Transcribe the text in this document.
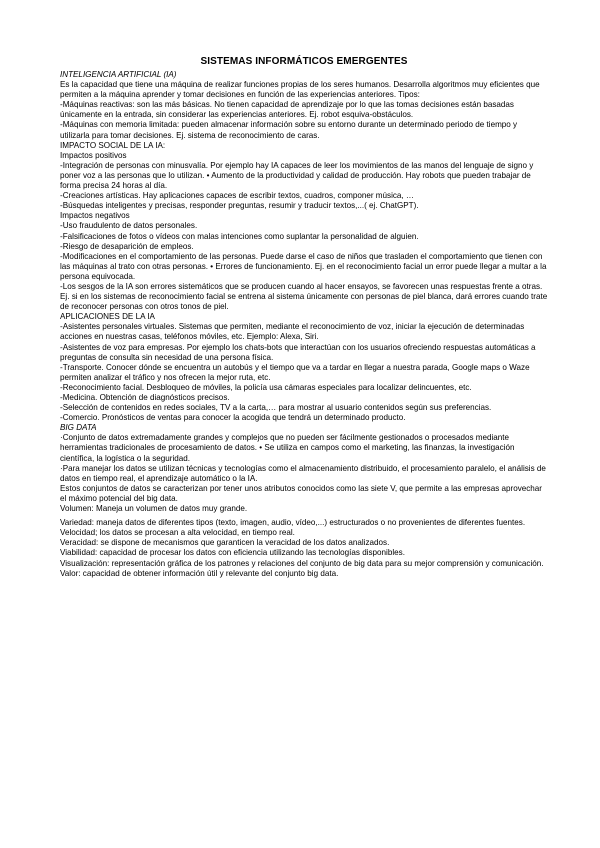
SISTEMAS INFORMÁTICOS EMERGENTES

INTELIGENCIA ARTIFICIAL (IA)

Es la capacidad que tiene una máquina de realizar funciones propias de los seres humanos. Desarrolla algoritmos muy eficientes que permiten a la máquina aprender y tomar decisiones en función de las experiencias anteriores. Tipos:

-Máquinas reactivas: son las más básicas. No tienen capacidad de aprendizaje por lo que las tomas decisiones están basadas únicamente en la entrada, sin considerar las experiencias anteriores. Ej. robot esquiva-obstáculos.

-Máquinas con memoria limitada: pueden almacenar información sobre su entorno durante un determinado periodo de tiempo y utilizarla para tomar decisiones. Ej. sistema de reconocimiento de caras.

IMPACTO SOCIAL DE LA IA:

Impactos positivos

-Integración de personas con minusvalía. Por ejemplo hay IA capaces de leer los movimientos de las manos del lenguaje de signo y poner voz a las personas que lo utilizan. • Aumento de la productividad y calidad de producción. Hay robots que pueden trabajar de forma precisa 24 horas al día.

-Creaciones artísticas. Hay aplicaciones capaces de escribir textos, cuadros, componer música, …

-Búsquedas inteligentes y precisas, responder preguntas, resumir y traducir textos,...( ej. ChatGPT).

Impactos negativos

-Uso fraudulento de datos personales.

-Falsificaciones de fotos o vídeos con malas intenciones como suplantar la personalidad de alguien.

-Riesgo de desaparición de empleos.

-Modificaciones en el comportamiento de las personas. Puede darse el caso de niños que trasladen el comportamiento que tienen con las máquinas al trato con otras personas. • Errores de funcionamiento. Ej. en el reconocimiento facial un error puede llegar a multar a la persona equivocada.

-Los sesgos de la IA son errores sistemáticos que se producen cuando al hacer ensayos, se favorecen unas respuestas frente a otras. Ej. si en los sistemas de reconocimiento facial se entrena al sistema únicamente con personas de piel blanca, dará errores cuando trate de reconocer personas con otros tonos de piel.

APLICACIONES DE LA IA

-Asistentes personales virtuales. Sistemas que permiten, mediante el reconocimiento de voz, iniciar la ejecución de determinadas acciones en nuestras casas, teléfonos móviles, etc. Ejemplo: Alexa, Siri.

-Asistentes de voz para empresas. Por ejemplo los chats-bots que interactúan con los usuarios ofreciendo respuestas automáticas a preguntas de consulta sin necesidad de una persona física.

-Transporte. Conocer dónde se encuentra un autobús y el tiempo que va a tardar en llegar a nuestra parada, Google maps o Waze permiten analizar el tráfico y nos ofrecen la mejor ruta, etc.

-Reconocimiento facial. Desbloqueo de móviles, la policía usa cámaras especiales para localizar delincuentes, etc.

-Medicina. Obtención de diagnósticos precisos.

-Selección de contenidos en redes sociales, TV a la carta,… para mostrar al usuario contenidos según sus preferencias.

-Comercio. Pronósticos de ventas para conocer la acogida que tendrá un determinado producto.

BIG DATA

·Conjunto de datos extremadamente grandes y complejos que no pueden ser fácilmente gestionados o procesados mediante herramientas tradicionales de procesamiento de datos. • Se utiliza en campos como el marketing, las finanzas, la investigación científica, la logística o la seguridad.

·Para manejar los datos se utilizan técnicas y tecnologías como el almacenamiento distribuido, el procesamiento paralelo, el análisis de datos en tiempo real, el aprendizaje automático o la IA.

Estos conjuntos de datos se caracterizan por tener unos atributos conocidos como las siete V, que permite a las empresas aprovechar el máximo potencial del big data.

Volumen: Maneja un volumen de datos muy grande.

Variedad: maneja datos de diferentes tipos (texto, imagen, audio, vídeo,...) estructurados o no provenientes de diferentes fuentes.

Velocidad; los datos se procesan a alta velocidad, en tiempo real.

Veracidad: se dispone de mecanismos que garanticen la veracidad de los datos analizados.

Viabilidad: capacidad de procesar los datos con eficiencia utilizando las tecnologías disponibles.

Visualización: representación gráfica de los patrones y relaciones del conjunto de big data para su mejor comprensión y comunicación.

Valor: capacidad de obtener información útil y relevante del conjunto big data.
